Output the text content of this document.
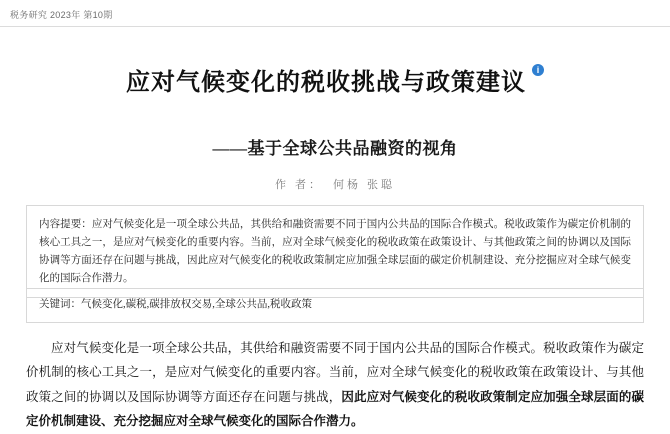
税务研究 2023年 第10期
应对气候变化的税收挑战与政策建议i
——基于全球公共品融资的视角
作 者： 何杨 张聪
内容提要：应对气候变化是一项全球公共品，其供给和融资需要不同于国内公共品的国际合作模式。税收政策作为碳定价机制的核心工具之一，是应对气候变化的重要内容。当前，应对全球气候变化的税收政策在政策设计、与其他政策之间的协调以及国际协调等方面还存在问题与挑战，因此应对气候变化的税收政策制定应加强全球层面的碳定价机制建设、充分挖掘应对全球气候变化的国际合作潜力。
关键词：气候变化,碳税,碳排放权交易,全球公共品,税收政策
应对气候变化是一项全球公共品，其供给和融资需要不同于国内公共品的国际合作模式。税收政策作为碳定价机制的核心工具之一，是应对气候变化的重要内容。当前，应对全球气候变化的税收政策在政策设计、与其他政策之间的协调以及国际协调等方面还存在问题与挑战，因此应对气候变化的税收政策制定应加强全球层面的碳定价机制建设、充分挖掘应对全球气候变化的国际合作潜力。
